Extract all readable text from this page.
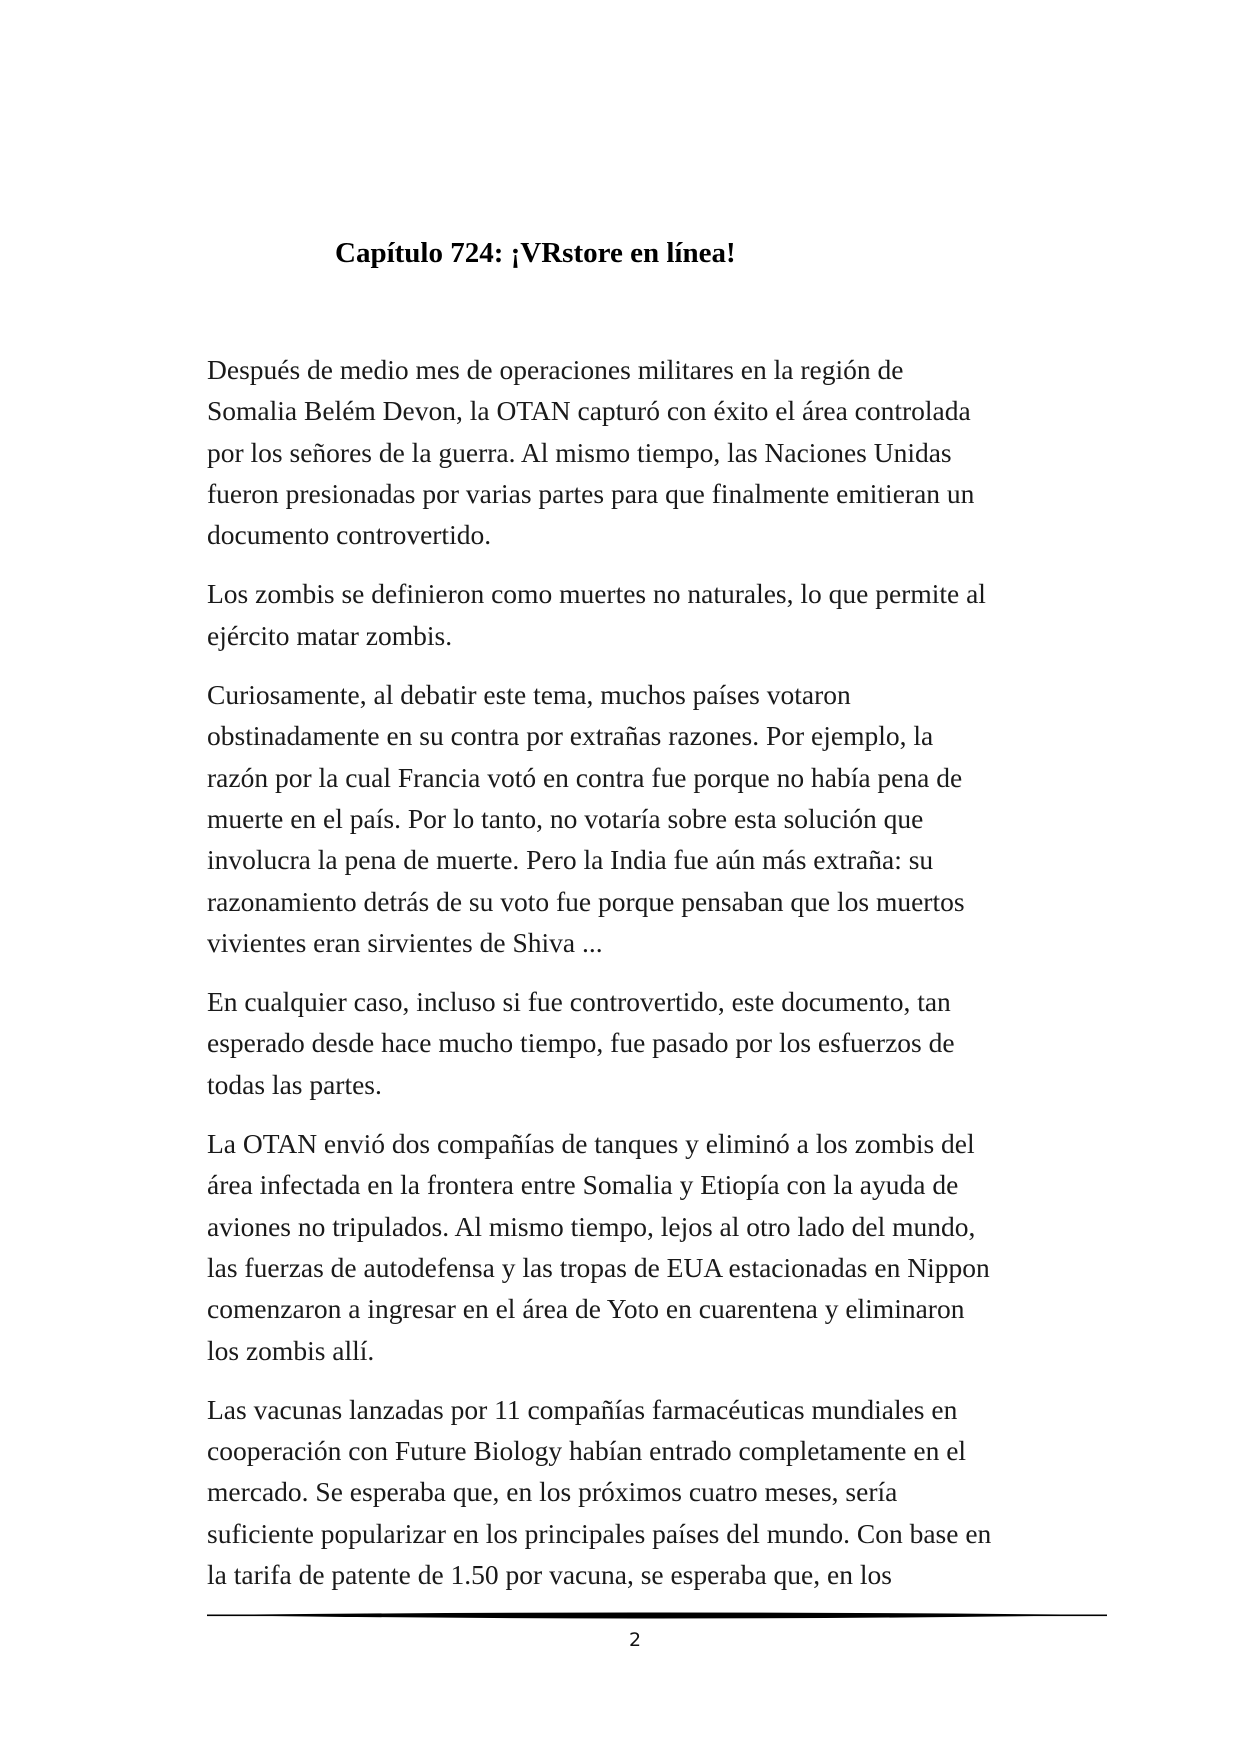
Capítulo 724: ¡VRstore en línea!

Después de medio mes de operaciones militares en la región de
Somalia Belém Devon, la OTAN capturó con éxito el área controlada
por los señores de la guerra. Al mismo tiempo, las Naciones Unidas
fueron presionadas por varias partes para que finalmente emitieran un
documento controvertido.

Los zombis se definieron como muertes no naturales, lo que permite al
ejército matar zombis.

Curiosamente, al debatir este tema, muchos países votaron
obstinadamente en su contra por extrañas razones. Por ejemplo, la
razón por la cual Francia votó en contra fue porque no había pena de
muerte en el país. Por lo tanto, no votaría sobre esta solución que
involucra la pena de muerte. Pero la India fue aún más extraña: su
razonamiento detrás de su voto fue porque pensaban que los muertos
vivientes eran sirvientes de Shiva ...

En cualquier caso, incluso si fue controvertido, este documento, tan
esperado desde hace mucho tiempo, fue pasado por los esfuerzos de
todas las partes.

La OTAN envió dos compañías de tanques y eliminó a los zombis del
área infectada en la frontera entre Somalia y Etiopía con la ayuda de
aviones no tripulados. Al mismo tiempo, lejos al otro lado del mundo,
las fuerzas de autodefensa y las tropas de EUA estacionadas en Nippon
comenzaron a ingresar en el área de Yoto en cuarentena y eliminaron
los zombis allí.

Las vacunas lanzadas por 11 compañías farmacéuticas mundiales en
cooperación con Future Biology habían entrado completamente en el
mercado. Se esperaba que, en los próximos cuatro meses, sería
suficiente popularizar en los principales países del mundo. Con base en
la tarifa de patente de 1.50 por vacuna, se esperaba que, en los

2
